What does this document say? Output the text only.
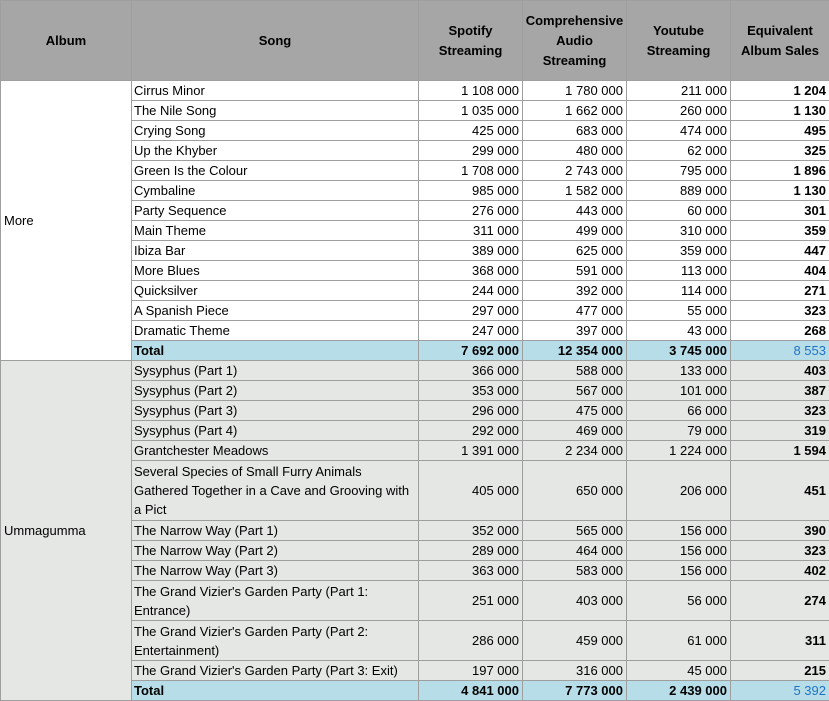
Album	Song	Spotify Streaming	Comprehensive Audio Streaming	Youtube Streaming	Equivalent Album Sales
More	Cirrus Minor	1 108 000	1 780 000	211 000	1 204
	The Nile Song	1 035 000	1 662 000	260 000	1 130
	Crying Song	425 000	683 000	474 000	495
	Up the Khyber	299 000	480 000	62 000	325
	Green Is the Colour	1 708 000	2 743 000	795 000	1 896
	Cymbaline	985 000	1 582 000	889 000	1 130
	Party Sequence	276 000	443 000	60 000	301
	Main Theme	311 000	499 000	310 000	359
	Ibiza Bar	389 000	625 000	359 000	447
	More Blues	368 000	591 000	113 000	404
	Quicksilver	244 000	392 000	114 000	271
	A Spanish Piece	297 000	477 000	55 000	323
	Dramatic Theme	247 000	397 000	43 000	268
	Total	7 692 000	12 354 000	3 745 000	8 553
Ummagumma	Sysyphus (Part 1)	366 000	588 000	133 000	403
	Sysyphus (Part 2)	353 000	567 000	101 000	387
	Sysyphus (Part 3)	296 000	475 000	66 000	323
	Sysyphus (Part 4)	292 000	469 000	79 000	319
	Grantchester Meadows	1 391 000	2 234 000	1 224 000	1 594
	Several Species of Small Furry Animals Gathered Together in a Cave and Grooving with a Pict	405 000	650 000	206 000	451
	The Narrow Way (Part 1)	352 000	565 000	156 000	390
	The Narrow Way (Part 2)	289 000	464 000	156 000	323
	The Narrow Way (Part 3)	363 000	583 000	156 000	402
	The Grand Vizier's Garden Party (Part 1: Entrance)	251 000	403 000	56 000	274
	The Grand Vizier's Garden Party (Part 2: Entertainment)	286 000	459 000	61 000	311
	The Grand Vizier's Garden Party (Part 3: Exit)	197 000	316 000	45 000	215
	Total	4 841 000	7 773 000	2 439 000	5 392
